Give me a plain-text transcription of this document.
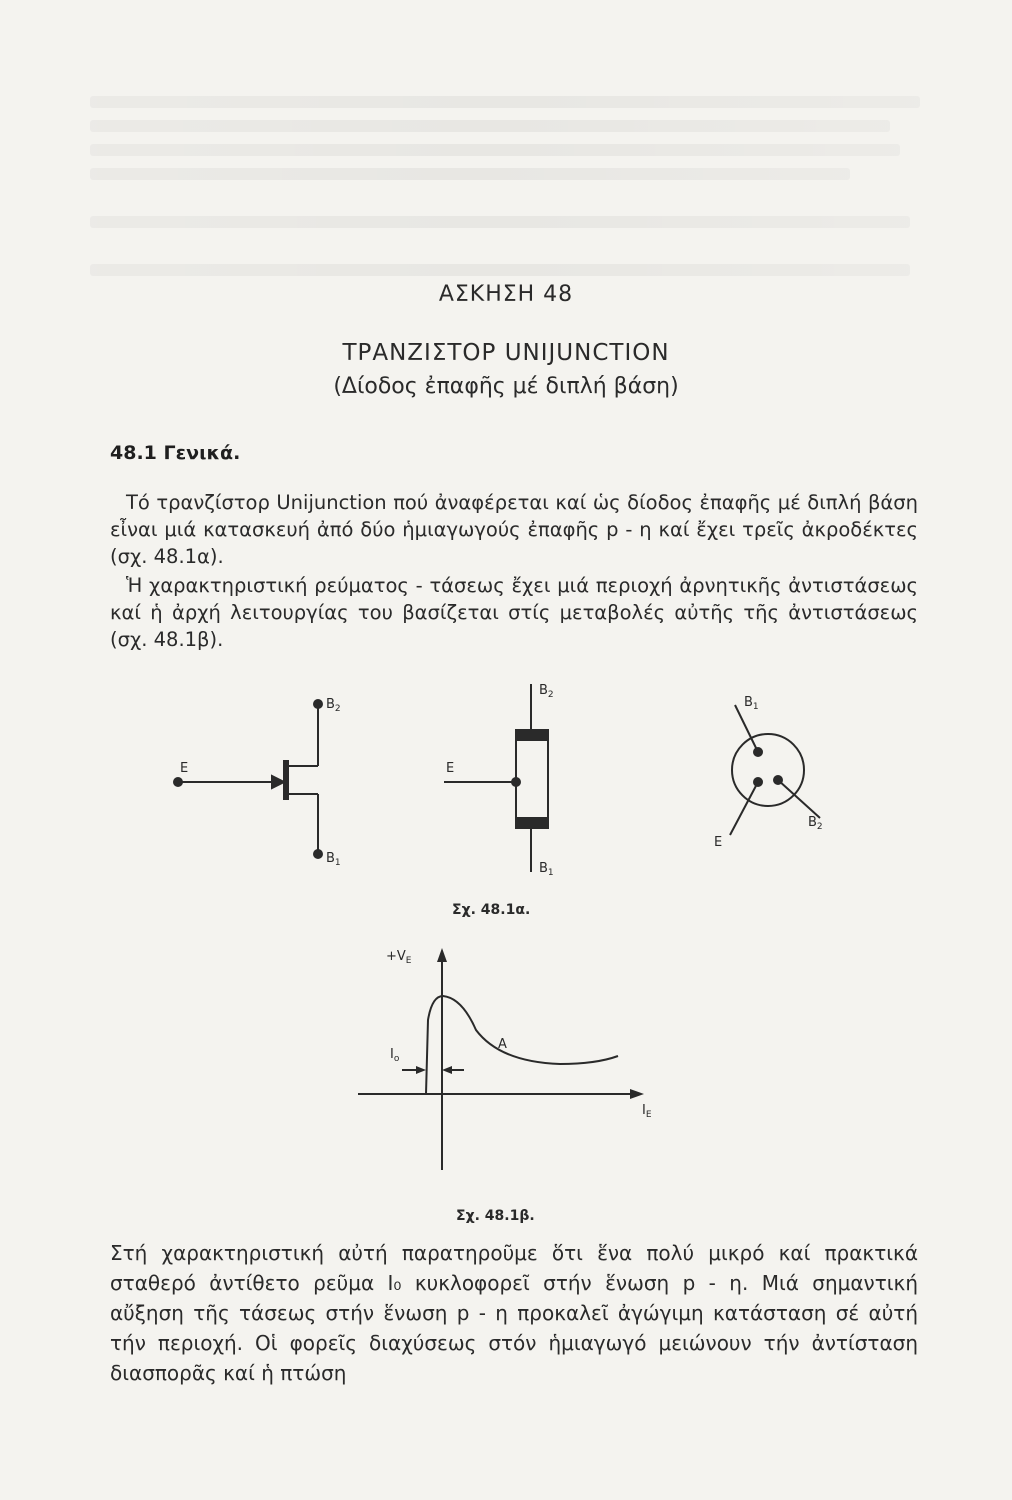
ΑΣΚΗΣΗ 48
ΤΡΑΝΖΙΣΤΟΡ UNIJUNCTION
(Δίοδος ἐπαφῆς μέ διπλή βάση)
48.1 Γενικά.
Τό τρανζίστορ Unijunction πού ἀναφέρεται καί ὡς δίοδος ἐπαφῆς μέ διπλή βάση εἶναι μιά κατασκευή ἀπό δύο ἡμιαγωγούς ἐπαφῆς p - η καί ἔχει τρεῖς ἀκροδέκτες (σχ. 48.1α).
Ἡ χαρακτηριστική ρεύματος - τάσεως ἔχει μιά περιοχή ἀρνητικῆς ἀντιστάσεως καί ἡ ἀρχή λειτουργίας του βασίζεται στίς μεταβολές αὐτῆς τῆς ἀντιστάσεως (σχ. 48.1β).
E
$B_2$
$B_1$
E
$B_2$
$B_1$
$B_1$
$B_2$
E
$+V_E$
$I_E$
A
$I_o$
Σχ. 48.1α.
Σχ. 48.1β.
Στή χαρακτηριστική αὐτή παρατηροῦμε ὅτι ἕνα πολύ μικρό καί πρακτικά σταθερό ἀντίθετο ρεῦμα I₀ κυκλοφορεῖ στήν ἕνωση p - η. Μιά σημαντική αὔξηση τῆς τάσεως στήν ἕνωση p - η προκαλεῖ ἀγώγιμη κατάσταση σέ αὐτή τήν περιοχή. Οἱ φορεῖς διαχύσεως στόν ἡμιαγωγό μειώνουν τήν ἀντίσταση διασπορᾶς καί ἡ πτώση
